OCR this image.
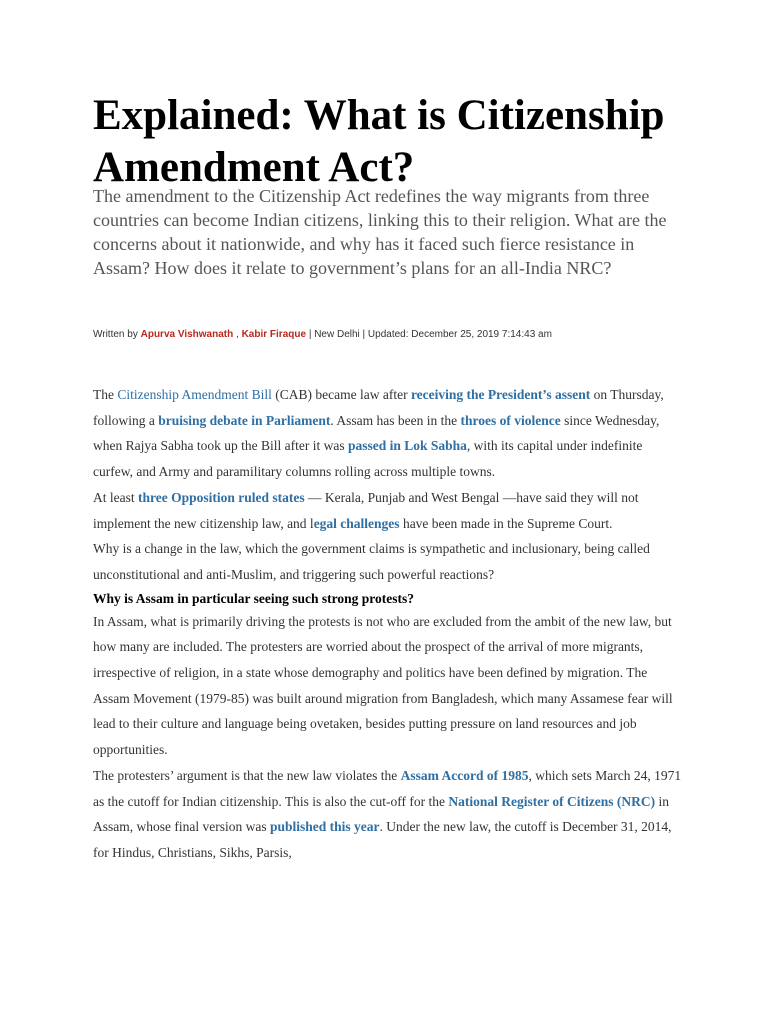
Explained: What is Citizenship Amendment Act?

The amendment to the Citizenship Act redefines the way migrants from three countries can become Indian citizens, linking this to their religion. What are the concerns about it nationwide, and why has it faced such fierce resistance in Assam? How does it relate to government’s plans for an all-India NRC?

Written by Apurva Vishwanath , Kabir Firaque | New Delhi | Updated: December 25, 2019 7:14:43 am

The Citizenship Amendment Bill (CAB) became law after receiving the President’s assent on Thursday, following a bruising debate in Parliament. Assam has been in the throes of violence since Wednesday, when Rajya Sabha took up the Bill after it was passed in Lok Sabha, with its capital under indefinite curfew, and Army and paramilitary columns rolling across multiple towns.

At least three Opposition ruled states — Kerala, Punjab and West Bengal —have said they will not implement the new citizenship law, and legal challenges have been made in the Supreme Court.

Why is a change in the law, which the government claims is sympathetic and inclusionary, being called unconstitutional and anti-Muslim, and triggering such powerful reactions?

Why is Assam in particular seeing such strong protests?

In Assam, what is primarily driving the protests is not who are excluded from the ambit of the new law, but how many are included. The protesters are worried about the prospect of the arrival of more migrants, irrespective of religion, in a state whose demography and politics have been defined by migration. The Assam Movement (1979-85) was built around migration from Bangladesh, which many Assamese fear will lead to their culture and language being ovetaken, besides putting pressure on land resources and job opportunities.

The protesters’ argument is that the new law violates the Assam Accord of 1985, which sets March 24, 1971 as the cutoff for Indian citizenship. This is also the cut-off for the National Register of Citizens (NRC) in Assam, whose final version was published this year. Under the new law, the cutoff is December 31, 2014, for Hindus, Christians, Sikhs, Parsis,
